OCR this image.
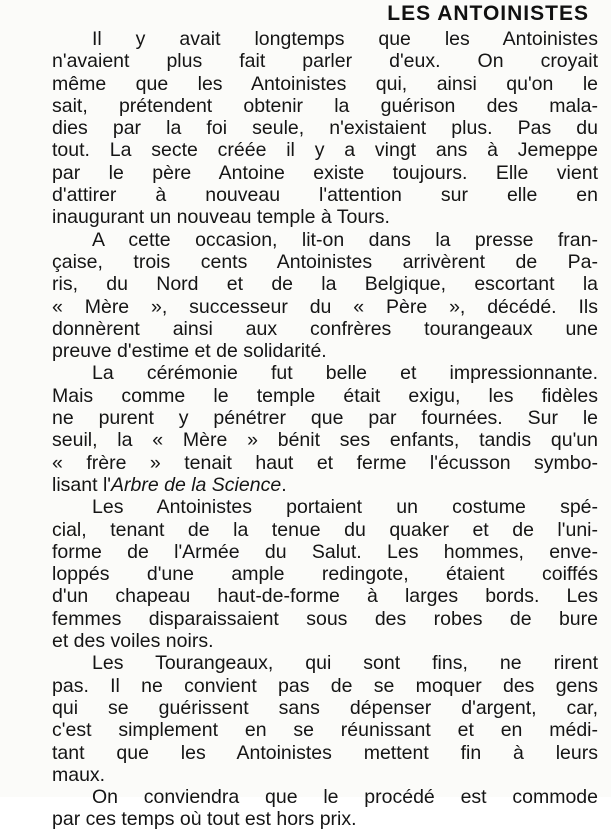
LES ANTOINISTES
Il y avait longtemps que les Antoinistes
n'avaient plus fait parler d'eux. On croyait
même que les Antoinistes qui, ainsi qu'on le
sait, prétendent obtenir la guérison des mala-
dies par la foi seule, n'existaient plus. Pas du
tout. La secte créée il y a vingt ans à Jemeppe
par le père Antoine existe toujours. Elle vient
d'attirer à nouveau l'attention sur elle en
inaugurant un nouveau temple à Tours.
A cette occasion, lit-on dans la presse fran-
çaise, trois cents Antoinistes arrivèrent de Pa-
ris, du Nord et de la Belgique, escortant la
« Mère », successeur du « Père », décédé. Ils
donnèrent ainsi aux confrères tourangeaux une
preuve d'estime et de solidarité.
La cérémonie fut belle et impressionnante.
Mais comme le temple était exigu, les fidèles
ne purent y pénétrer que par fournées. Sur le
seuil, la « Mère » bénit ses enfants, tandis qu'un
« frère » tenait haut et ferme l'écusson symbo-
lisant l'Arbre de la Science.
Les Antoinistes portaient un costume spé-
cial, tenant de la tenue du quaker et de l'uni-
forme de l'Armée du Salut. Les hommes, enve-
loppés d'une ample redingote, étaient coiffés
d'un chapeau haut-de-forme à larges bords. Les
femmes disparaissaient sous des robes de bure
et des voiles noirs.
Les Tourangeaux, qui sont fins, ne rirent
pas. Il ne convient pas de se moquer des gens
qui se guérissent sans dépenser d'argent, car,
c'est simplement en se réunissant et en médi-
tant que les Antoinistes mettent fin à leurs
maux.
On conviendra que le procédé est commode
par ces temps où tout est hors prix.
